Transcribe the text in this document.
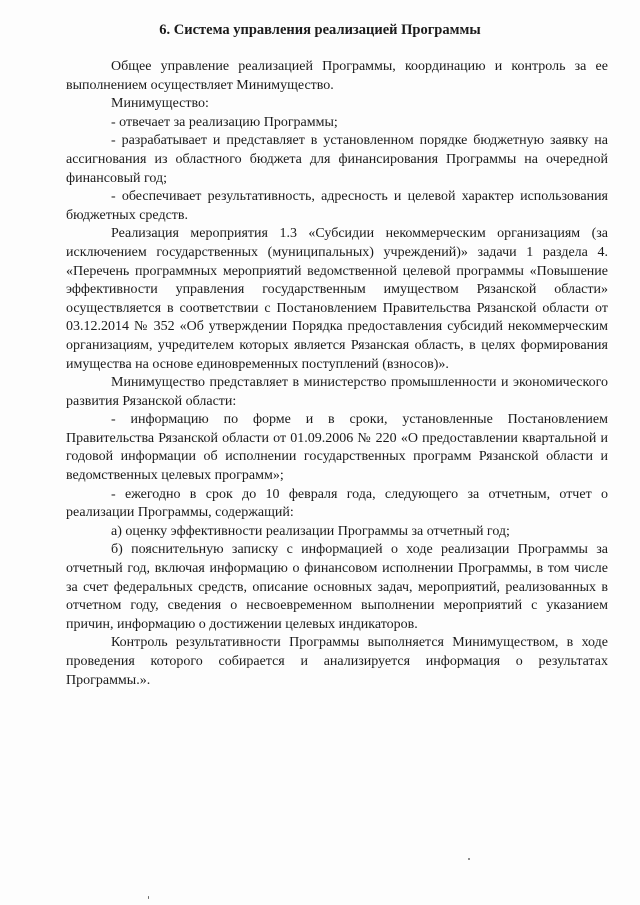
6. Система управления реализацией Программы

Общее управление реализацией Программы, координацию и контроль за ее выполнением осуществляет Минимущество.

Минимущество:

- отвечает за реализацию Программы;

- разрабатывает и представляет в установленном порядке бюджетную заявку на ассигнования из областного бюджета для финансирования Программы на очередной финансовый год;

- обеспечивает результативность, адресность и целевой характер использования бюджетных средств.

Реализация мероприятия 1.3 «Субсидии некоммерческим организациям (за исключением государственных (муниципальных) учреждений)» задачи 1 раздела 4. «Перечень программных мероприятий ведомственной целевой программы «Повышение эффективности управления государственным имуществом Рязанской области» осуществляется в соответствии с Постановлением Правительства Рязанской области от 03.12.2014 № 352 «Об утверждении Порядка предоставления субсидий некоммерческим организациям, учредителем которых является Рязанская область, в целях формирования имущества на основе единовременных поступлений (взносов)».

Минимущество представляет в министерство промышленности и экономического развития Рязанской области:

- информацию по форме и в сроки, установленные Постановлением Правительства Рязанской области от 01.09.2006 № 220 «О предоставлении квартальной и годовой информации об исполнении государственных программ Рязанской области и ведомственных целевых программ»;

- ежегодно в срок до 10 февраля года, следующего за отчетным, отчет о реализации Программы, содержащий:

а) оценку эффективности реализации Программы за отчетный год;

б) пояснительную записку с информацией о ходе реализации Программы за отчетный год, включая информацию о финансовом исполнении Программы, в том числе за счет федеральных средств, описание основных задач, мероприятий, реализованных в отчетном году, сведения о несвоевременном выполнении мероприятий с указанием причин, информацию о достижении целевых индикаторов.

Контроль результативности Программы выполняется Минимуществом, в ходе проведения которого собирается и анализируется информация о результатах Программы.».
